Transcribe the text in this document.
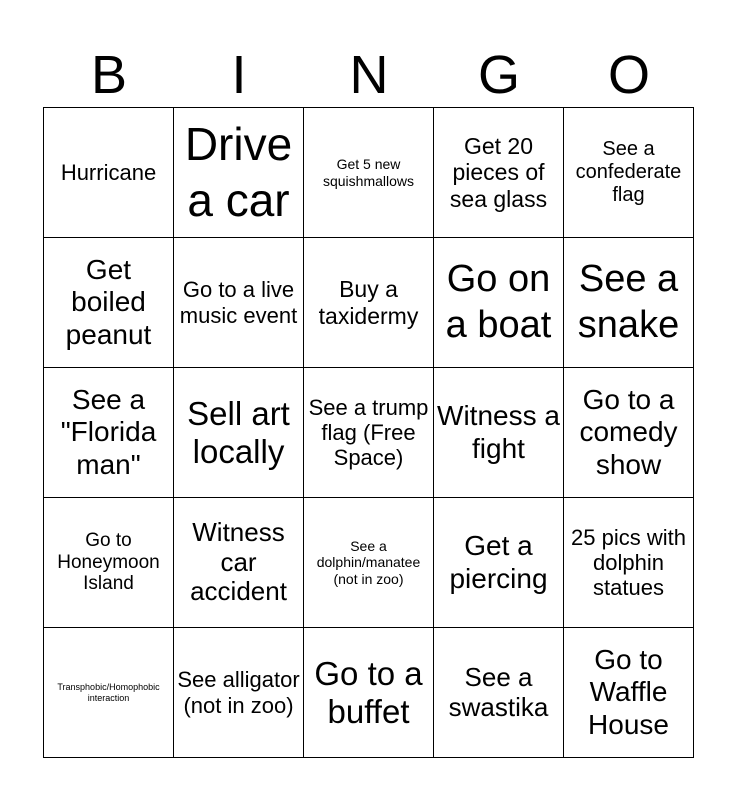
B	I	N	G	O
Hurricane
Drive a car
Get 5 new squishmallows
Get 20 pieces of sea glass
See a confederate flag
Get boiled peanut
Go to a live music event
Buy a taxidermy
Go on a boat
See a snake
See a "Florida man"
Sell art locally
See a trump flag (Free Space)
Witness a fight
Go to a comedy show
Go to Honeymoon Island
Witness car accident
See a dolphin/manatee (not in zoo)
Get a piercing
25 pics with dolphin statues
Transphobic/Homophobic interaction
See alligator (not in zoo)
Go to a buffet
See a swastika
Go to Waffle House
